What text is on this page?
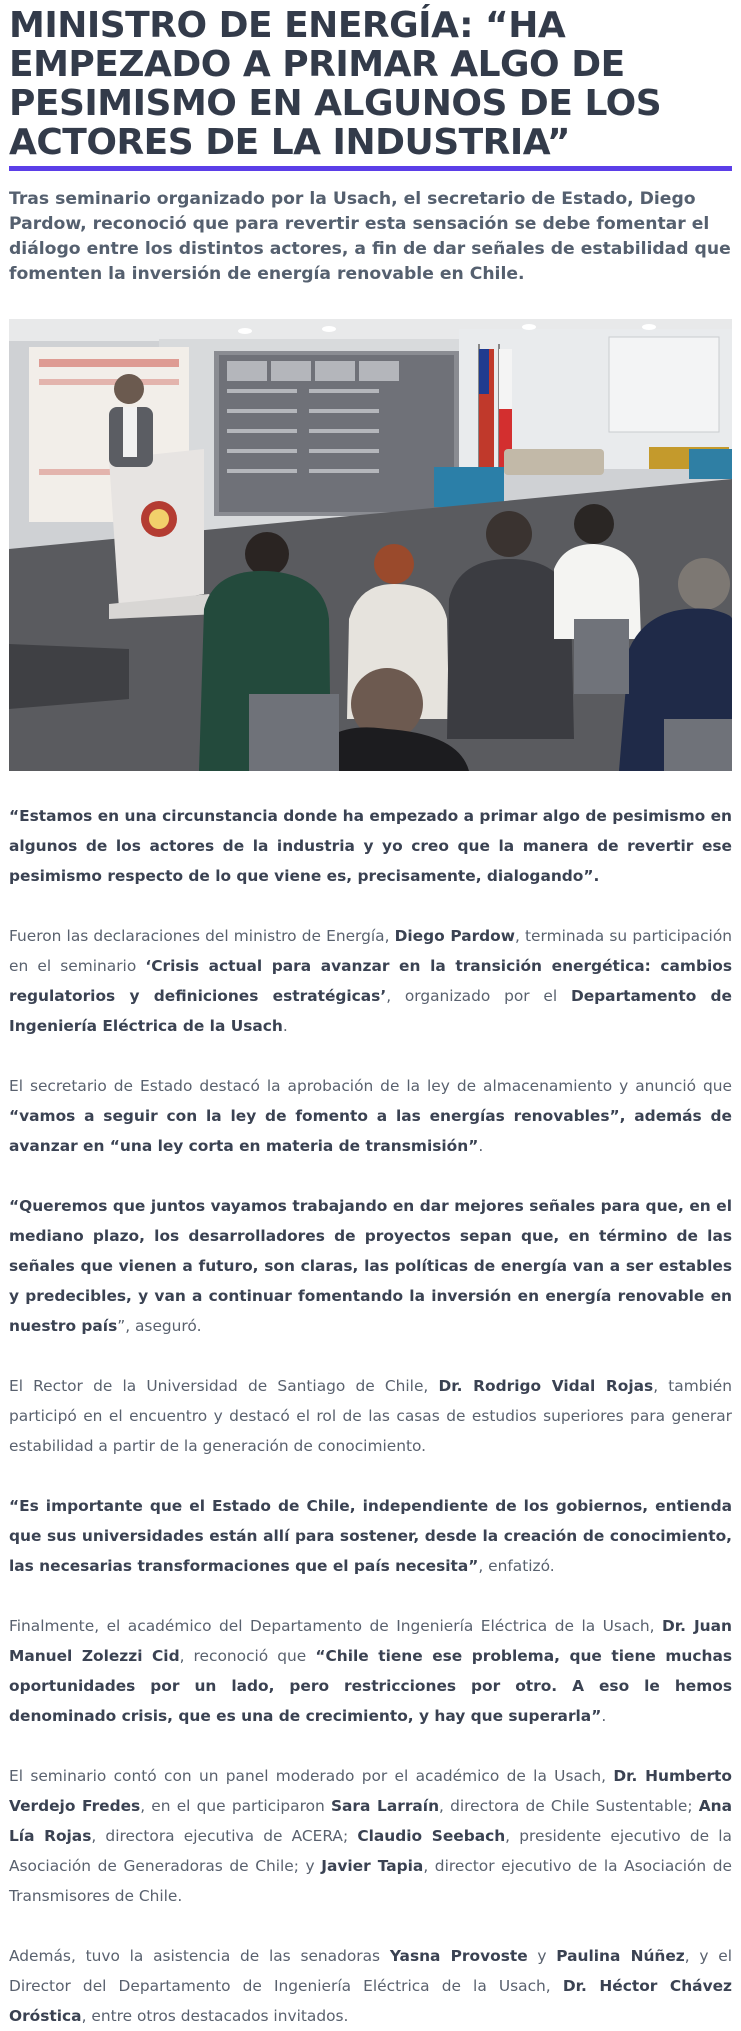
MINISTRO DE ENERGÍA: “HA EMPEZADO A PRIMAR ALGO DE PESIMISMO EN ALGUNOS DE LOS ACTORES DE LA INDUSTRIA”

Tras seminario organizado por la Usach, el secretario de Estado, Diego Pardow, reconoció que para revertir esta sensación se debe fomentar el diálogo entre los distintos actores, a fin de dar señales de estabilidad que fomenten la inversión de energía renovable en Chile.

“Estamos en una circunstancia donde ha empezado a primar algo de pesimismo en algunos de los actores de la industria y yo creo que la manera de revertir ese pesimismo respecto de lo que viene es, precisamente, dialogando”.

Fueron las declaraciones del ministro de Energía, Diego Pardow, terminada su participación en el seminario ‘Crisis actual para avanzar en la transición energética: cambios regulatorios y definiciones estratégicas’, organizado por el Departamento de Ingeniería Eléctrica de la Usach.

El secretario de Estado destacó la aprobación de la ley de almacenamiento y anunció que “vamos a seguir con la ley de fomento a las energías renovables”, además de avanzar en “una ley corta en materia de transmisión”.

“Queremos que juntos vayamos trabajando en dar mejores señales para que, en el mediano plazo, los desarrolladores de proyectos sepan que, en término de las señales que vienen a futuro, son claras, las políticas de energía van a ser estables y predecibles, y van a continuar fomentando la inversión en energía renovable en nuestro país”, aseguró.

El Rector de la Universidad de Santiago de Chile, Dr. Rodrigo Vidal Rojas, también participó en el encuentro y destacó el rol de las casas de estudios superiores para generar estabilidad a partir de la generación de conocimiento.

“Es importante que el Estado de Chile, independiente de los gobiernos, entienda que sus universidades están allí para sostener, desde la creación de conocimiento, las necesarias transformaciones que el país necesita”, enfatizó.

Finalmente, el académico del Departamento de Ingeniería Eléctrica de la Usach, Dr. Juan Manuel Zolezzi Cid, reconoció que “Chile tiene ese problema, que tiene muchas oportunidades por un lado, pero restricciones por otro. A eso le hemos denominado crisis, que es una de crecimiento, y hay que superarla”.

El seminario contó con un panel moderado por el académico de la Usach, Dr. Humberto Verdejo Fredes, en el que participaron Sara Larraín, directora de Chile Sustentable; Ana Lía Rojas, directora ejecutiva de ACERA; Claudio Seebach, presidente ejecutivo de la Asociación de Generadoras de Chile; y Javier Tapia, director ejecutivo de la Asociación de Transmisores de Chile.

Además, tuvo la asistencia de las senadoras Yasna Provoste y Paulina Núñez, y el Director del Departamento de Ingeniería Eléctrica de la Usach, Dr. Héctor Chávez Oróstica, entre otros destacados invitados.
